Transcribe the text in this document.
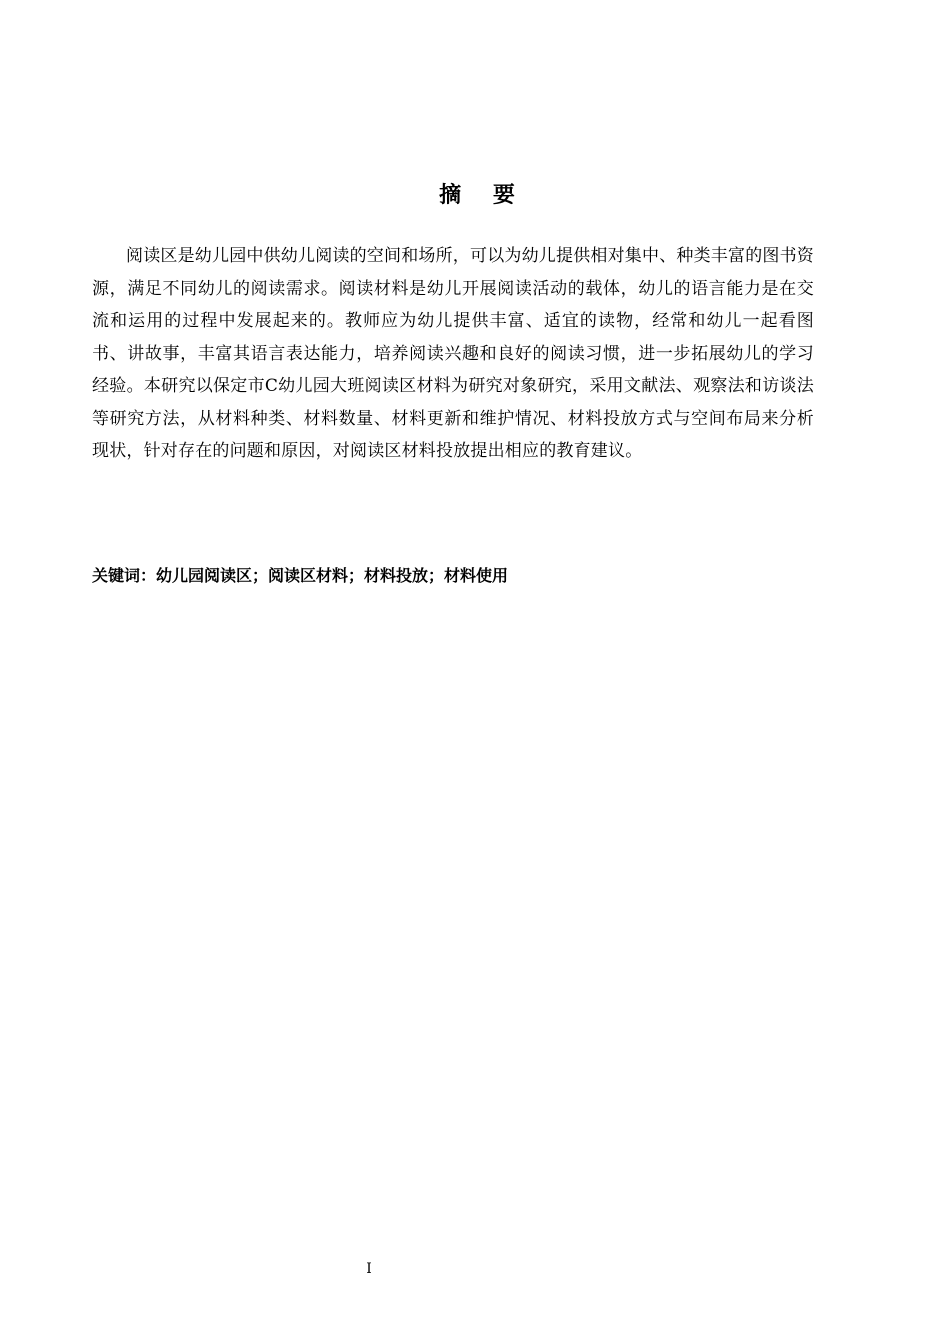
摘 要

阅读区是幼儿园中供幼儿阅读的空间和场所，可以为幼儿提供相对集中、种类丰富的图书资源，满足不同幼儿的阅读需求。阅读材料是幼儿开展阅读活动的载体，幼儿的语言能力是在交流和运用的过程中发展起来的。教师应为幼儿提供丰富、适宜的读物，经常和幼儿一起看图书、讲故事，丰富其语言表达能力，培养阅读兴趣和良好的阅读习惯，进一步拓展幼儿的学习经验。本研究以保定市C幼儿园大班阅读区材料为研究对象研究，采用文献法、观察法和访谈法等研究方法，从材料种类、材料数量、材料更新和维护情况、材料投放方式与空间布局来分析现状，针对存在的问题和原因，对阅读区材料投放提出相应的教育建议。

关键词：幼儿园阅读区；阅读区材料；材料投放；材料使用
I
